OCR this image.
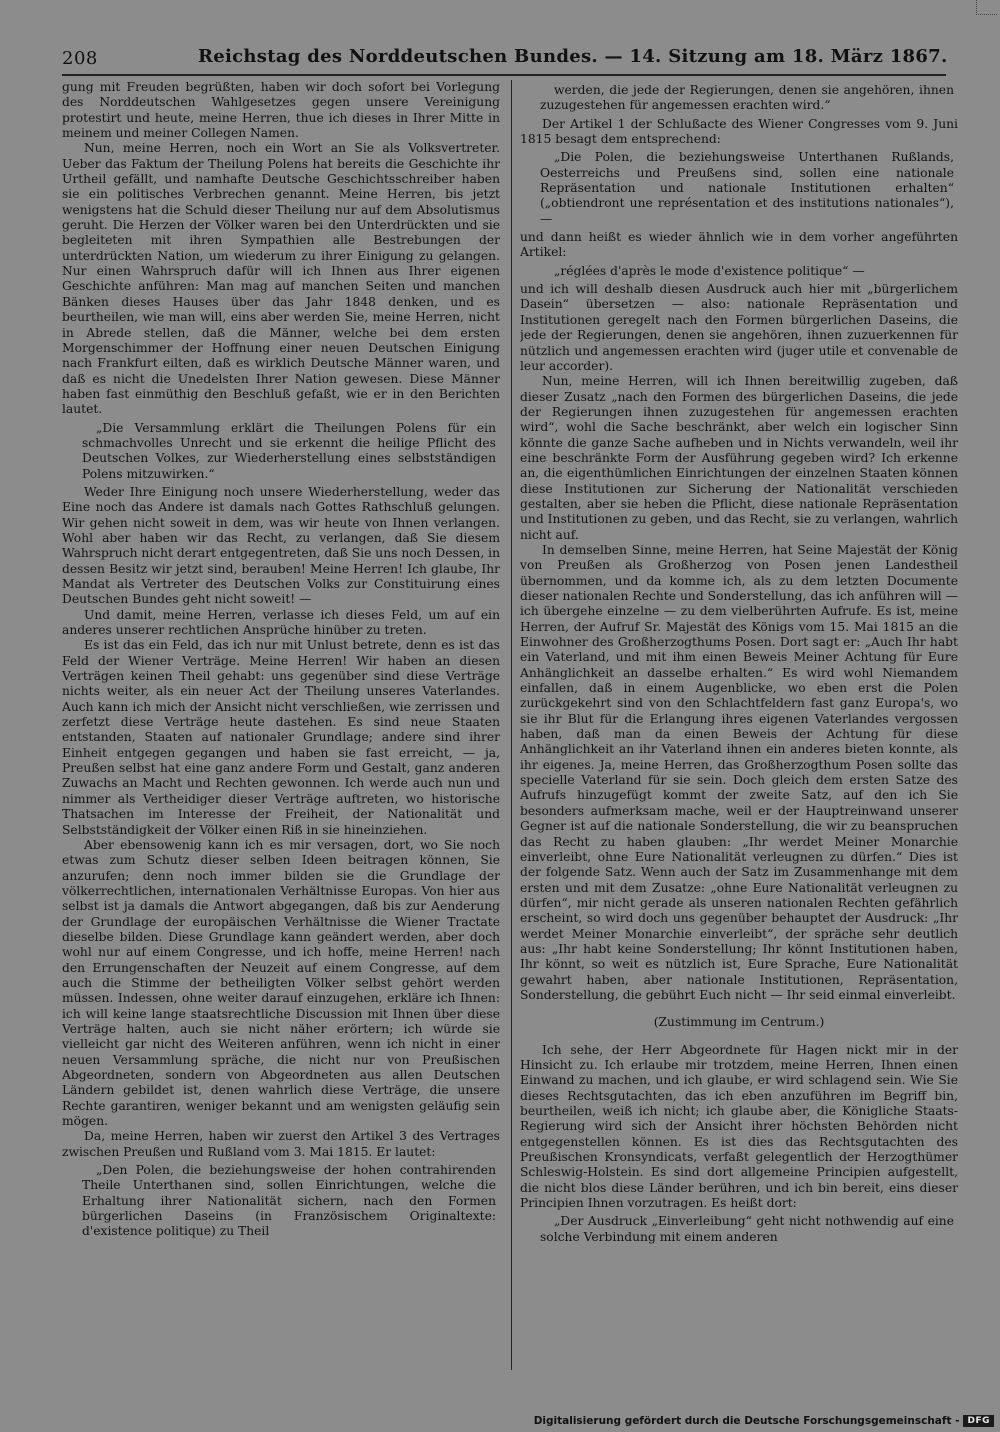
208	Reichstag des Norddeutschen Bundes. — 14. Sitzung am 18. März 1867.

gung mit Freuden begrüßten, haben wir doch sofort bei Vorlegung des Norddeutschen Wahlgesetzes gegen unsere Vereinigung protestirt und heute, meine Herren, thue ich dieses in Ihrer Mitte in meinem und meiner Collegen Namen.

Nun, meine Herren, noch ein Wort an Sie als Volksvertreter. Ueber das Faktum der Theilung Polens hat bereits die Geschichte ihr Urtheil gefällt, und namhafte Deutsche Geschichtsschreiber haben sie ein politisches Verbrechen genannt. Meine Herren, bis jetzt wenigstens hat die Schuld dieser Theilung nur auf dem Absolutismus geruht. Die Herzen der Völker waren bei den Unterdrückten und sie begleiteten mit ihren Sympathien alle Bestrebungen der unterdrückten Nation, um wiederum zu ihrer Einigung zu gelangen. Nur einen Wahrspruch dafür will ich Ihnen aus Ihrer eigenen Geschichte anführen: Man mag auf manchen Seiten und manchen Bänken dieses Hauses über das Jahr 1848 denken, und es beurtheilen, wie man will, eins aber werden Sie, meine Herren, nicht in Abrede stellen, daß die Männer, welche bei dem ersten Morgenschimmer der Hoffnung einer neuen Deutschen Einigung nach Frankfurt eilten, daß es wirklich Deutsche Männer waren, und daß es nicht die Unedelsten Ihrer Nation gewesen. Diese Männer haben fast einmüthig den Beschluß gefaßt, wie er in den Berichten lautet.

„Die Versammlung erklärt die Theilungen Polens für ein schmachvolles Unrecht und sie erkennt die heilige Pflicht des Deutschen Volkes, zur Wiederherstellung eines selbstständigen Polens mitzuwirken.“

Weder Ihre Einigung noch unsere Wiederherstellung, weder das Eine noch das Andere ist damals nach Gottes Rathschluß gelungen. Wir gehen nicht soweit in dem, was wir heute von Ihnen verlangen. Wohl aber haben wir das Recht, zu verlangen, daß Sie diesem Wahrspruch nicht derart entgegentreten, daß Sie uns noch Dessen, in dessen Besitz wir jetzt sind, berauben! Meine Herren! Ich glaube, Ihr Mandat als Vertreter des Deutschen Volks zur Constituirung eines Deutschen Bundes geht nicht soweit! —

Und damit, meine Herren, verlasse ich dieses Feld, um auf ein anderes unserer rechtlichen Ansprüche hinüber zu treten.

Es ist das ein Feld, das ich nur mit Unlust betrete, denn es ist das Feld der Wiener Verträge. Meine Herren! Wir haben an diesen Verträgen keinen Theil gehabt: uns gegenüber sind diese Verträge nichts weiter, als ein neuer Act der Theilung unseres Vaterlandes. Auch kann ich mich der Ansicht nicht verschließen, wie zerrissen und zerfetzt diese Verträge heute dastehen. Es sind neue Staaten entstanden, Staaten auf nationaler Grundlage; andere sind ihrer Einheit entgegen gegangen und haben sie fast erreicht, — ja, Preußen selbst hat eine ganz andere Form und Gestalt, ganz anderen Zuwachs an Macht und Rechten gewonnen. Ich werde auch nun und nimmer als Vertheidiger dieser Verträge auftreten, wo historische Thatsachen im Interesse der Freiheit, der Nationalität und Selbstständigkeit der Völker einen Riß in sie hineinziehen.

Aber ebensowenig kann ich es mir versagen, dort, wo Sie noch etwas zum Schutz dieser selben Ideen beitragen können, Sie anzurufen; denn noch immer bilden sie die Grundlage der völkerrechtlichen, internationalen Verhältnisse Europas. Von hier aus selbst ist ja damals die Antwort abgegangen, daß bis zur Aenderung der Grundlage der europäischen Verhältnisse die Wiener Tractate dieselbe bilden. Diese Grundlage kann geändert werden, aber doch wohl nur auf einem Congresse, und ich hoffe, meine Herren! nach den Errungenschaften der Neuzeit auf einem Congresse, auf dem auch die Stimme der betheiligten Völker selbst gehört werden müssen. Indessen, ohne weiter darauf einzugehen, erkläre ich Ihnen: ich will keine lange staatsrechtliche Discussion mit Ihnen über diese Verträge halten, auch sie nicht näher erörtern; ich würde sie vielleicht gar nicht des Weiteren anführen, wenn ich nicht in einer neuen Versammlung spräche, die nicht nur von Preußischen Abgeordneten, sondern von Abgeordneten aus allen Deutschen Ländern gebildet ist, denen wahrlich diese Verträge, die unsere Rechte garantiren, weniger bekannt und am wenigsten geläufig sein mögen.

Da, meine Herren, haben wir zuerst den Artikel 3 des Vertrages zwischen Preußen und Rußland vom 3. Mai 1815. Er lautet:

„Den Polen, die beziehungsweise der hohen contrahirenden Theile Unterthanen sind, sollen Einrichtungen, welche die Erhaltung ihrer Nationalität sichern, nach den Formen bürgerlichen Daseins (in Französischem Originaltexte: d'existence politique) zu Theil

werden, die jede der Regierungen, denen sie angehören, ihnen zuzugestehen für angemessen erachten wird.“

Der Artikel 1 der Schlußacte des Wiener Congresses vom 9. Juni 1815 besagt dem entsprechend:

„Die Polen, die beziehungsweise Unterthanen Rußlands, Oesterreichs und Preußens sind, sollen eine nationale Repräsentation und nationale Institutionen erhalten“ („obtiendront une représentation et des institutions nationales“), —

und dann heißt es wieder ähnlich wie in dem vorher angeführten Artikel:

„réglées d'après le mode d'existence politique“ —

und ich will deshalb diesen Ausdruck auch hier mit „bürgerlichem Dasein“ übersetzen — also: nationale Repräsentation und Institutionen geregelt nach den Formen bürgerlichen Daseins, die jede der Regierungen, denen sie angehören, ihnen zuzuerkennen für nützlich und angemessen erachten wird (juger utile et convenable de leur accorder).

Nun, meine Herren, will ich Ihnen bereitwillig zugeben, daß dieser Zusatz „nach den Formen des bürgerlichen Daseins, die jede der Regierungen ihnen zuzugestehen für angemessen erachten wird“, wohl die Sache beschränkt, aber welch ein logischer Sinn könnte die ganze Sache aufheben und in Nichts verwandeln, weil ihr eine beschränkte Form der Ausführung gegeben wird? Ich erkenne an, die eigenthümlichen Einrichtungen der einzelnen Staaten können diese Institutionen zur Sicherung der Nationalität verschieden gestalten, aber sie heben die Pflicht, diese nationale Repräsentation und Institutionen zu geben, und das Recht, sie zu verlangen, wahrlich nicht auf.

In demselben Sinne, meine Herren, hat Seine Majestät der König von Preußen als Großherzog von Posen jenen Landestheil übernommen, und da komme ich, als zu dem letzten Documente dieser nationalen Rechte und Sonderstellung, das ich anführen will — ich übergehe einzelne — zu dem vielberührten Aufrufe. Es ist, meine Herren, der Aufruf Sr. Majestät des Königs vom 15. Mai 1815 an die Einwohner des Großherzogthums Posen. Dort sagt er: „Auch Ihr habt ein Vaterland, und mit ihm einen Beweis Meiner Achtung für Eure Anhänglichkeit an dasselbe erhalten.“ Es wird wohl Niemandem einfallen, daß in einem Augenblicke, wo eben erst die Polen zurückgekehrt sind von den Schlachtfeldern fast ganz Europa's, wo sie ihr Blut für die Erlangung ihres eigenen Vaterlandes vergossen haben, daß man da einen Beweis der Achtung für diese Anhänglichkeit an ihr Vaterland ihnen ein anderes bieten konnte, als ihr eigenes. Ja, meine Herren, das Großherzogthum Posen sollte das specielle Vaterland für sie sein. Doch gleich dem ersten Satze des Aufrufs hinzugefügt kommt der zweite Satz, auf den ich Sie besonders aufmerksam mache, weil er der Hauptreinwand unserer Gegner ist auf die nationale Sonderstellung, die wir zu beanspruchen das Recht zu haben glauben: „Ihr werdet Meiner Monarchie einverleibt, ohne Eure Nationalität verleugnen zu dürfen.“ Dies ist der folgende Satz. Wenn auch der Satz im Zusammenhange mit dem ersten und mit dem Zusatze: „ohne Eure Nationalität verleugnen zu dürfen“, mir nicht gerade als unseren nationalen Rechten gefährlich erscheint, so wird doch uns gegenüber behauptet der Ausdruck: „Ihr werdet Meiner Monarchie einverleibt“, der spräche sehr deutlich aus: „Ihr habt keine Sonderstellung; Ihr könnt Institutionen haben, Ihr könnt, so weit es nützlich ist, Eure Sprache, Eure Nationalität gewahrt haben, aber nationale Institutionen, Repräsentation, Sonderstellung, die gebührt Euch nicht — Ihr seid einmal einverleibt.

(Zustimmung im Centrum.)

Ich sehe, der Herr Abgeordnete für Hagen nickt mir in der Hinsicht zu. Ich erlaube mir trotzdem, meine Herren, Ihnen einen Einwand zu machen, und ich glaube, er wird schlagend sein. Wie Sie dieses Rechtsgutachten, das ich eben anzuführen im Begriff bin, beurtheilen, weiß ich nicht; ich glaube aber, die Königliche Staats-Regierung wird sich der Ansicht ihrer höchsten Behörden nicht entgegenstellen können. Es ist dies das Rechtsgutachten des Preußischen Kronsyndicats, verfaßt gelegentlich der Herzogthümer Schleswig-Holstein. Es sind dort allgemeine Principien aufgestellt, die nicht blos diese Länder berühren, und ich bin bereit, eins dieser Principien Ihnen vorzutragen. Es heißt dort:

„Der Ausdruck „Einverleibung“ geht nicht nothwendig auf eine solche Verbindung mit einem anderen

Digitalisierung gefördert durch die Deutsche Forschungsgemeinschaft - DFG
